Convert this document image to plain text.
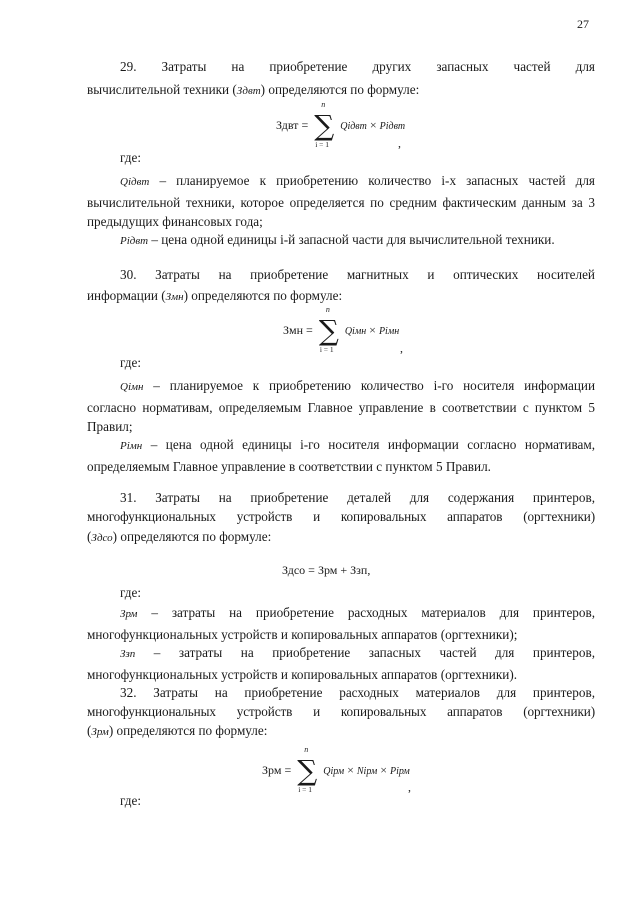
27
29. Затраты на приобретение других запасных частей для
вычислительной техники (Здвт) определяются по формуле:
Здвт =
n
∑
i = 1
Qiдвт × Piдвт
,
где:
Qiдвт – планируемое к приобретению количество i-х запасных частей для вычислительной техники, которое определяется по средним фактическим данным за 3 предыдущих финансовых года;
Piдвт – цена одной единицы i-й запасной части для вычислительной техники.
30. Затраты на приобретение магнитных и оптических носителей
информации (Змн) определяются по формуле:
Змн =
n
∑
i = 1
Qiмн × Piмн
,
где:
Qiмн – планируемое к приобретению количество i-го носителя информации согласно нормативам, определяемым Главное управление в соответствии с пунктом 5 Правил;
Piмн – цена одной единицы i-го носителя информации согласно нормативам, определяемым Главное управление в соответствии с пунктом 5 Правил.
31. Затраты на приобретение деталей для содержания принтеров,
многофункциональных устройств и копировальных аппаратов (оргтехники)
(Здсо) определяются по формуле:
Здсо = Зрм + Ззп,
где:
Зрм – затраты на приобретение расходных материалов для принтеров, многофункциональных устройств и копировальных аппаратов (оргтехники);
Ззп – затраты на приобретение запасных частей для принтеров, многофункциональных устройств и копировальных аппаратов (оргтехники).
32. Затраты на приобретение расходных материалов для принтеров,
многофункциональных устройств и копировальных аппаратов (оргтехники)
(Зрм) определяются по формуле:
Зрм =
n
∑
i = 1
Qiрм × Niрм × Piрм
,
где:
